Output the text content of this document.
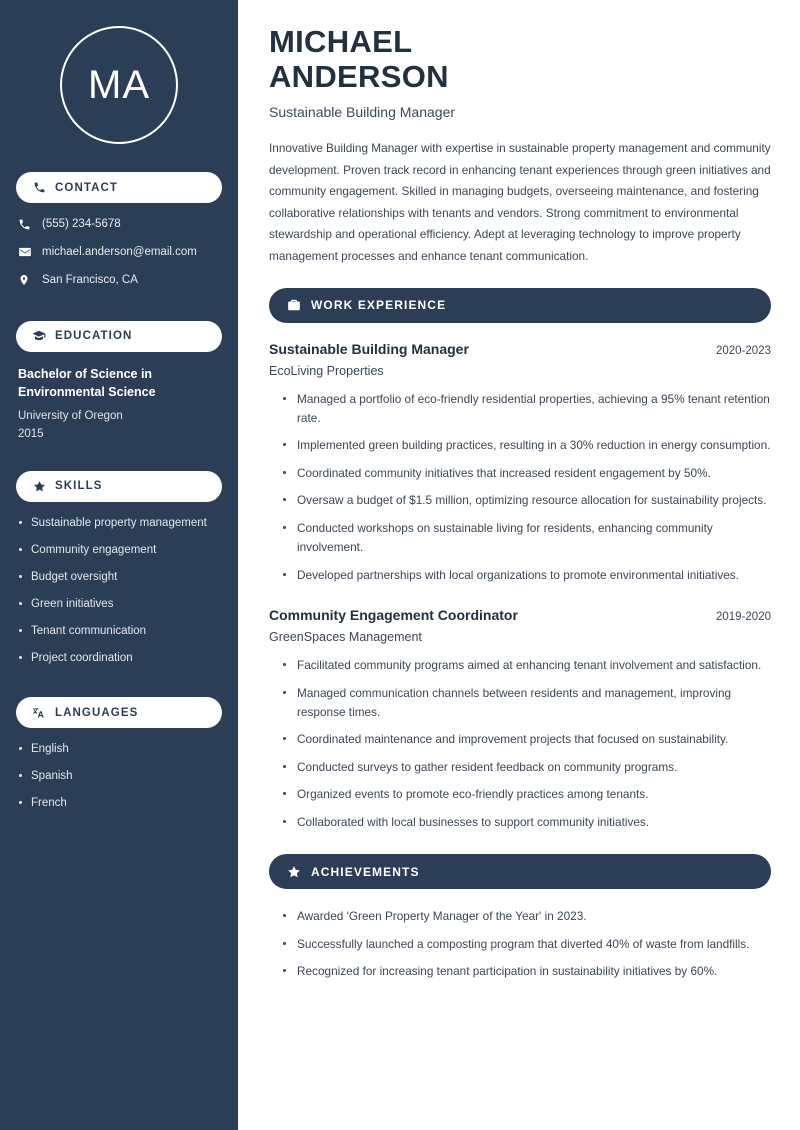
MA
CONTACT
(555) 234-5678
michael.anderson@email.com
San Francisco, CA
EDUCATION
Bachelor of Science in Environmental Science
University of Oregon
2015
SKILLS
Sustainable property management
Community engagement
Budget oversight
Green initiatives
Tenant communication
Project coordination
LANGUAGES
English
Spanish
French
MICHAEL
ANDERSON
Sustainable Building Manager

Innovative Building Manager with expertise in sustainable property management and community development. Proven track record in enhancing tenant experiences through green initiatives and community engagement. Skilled in managing budgets, overseeing maintenance, and fostering collaborative relationships with tenants and vendors. Strong commitment to environmental stewardship and operational efficiency. Adept at leveraging technology to improve property management processes and enhance tenant communication.

WORK EXPERIENCE
Sustainable Building Manager	2020-2023
EcoLiving Properties
Managed a portfolio of eco-friendly residential properties, achieving a 95% tenant retention rate.
Implemented green building practices, resulting in a 30% reduction in energy consumption.
Coordinated community initiatives that increased resident engagement by 50%.
Oversaw a budget of $1.5 million, optimizing resource allocation for sustainability projects.
Conducted workshops on sustainable living for residents, enhancing community involvement.
Developed partnerships with local organizations to promote environmental initiatives.
Community Engagement Coordinator	2019-2020
GreenSpaces Management
Facilitated community programs aimed at enhancing tenant involvement and satisfaction.
Managed communication channels between residents and management, improving response times.
Coordinated maintenance and improvement projects that focused on sustainability.
Conducted surveys to gather resident feedback on community programs.
Organized events to promote eco-friendly practices among tenants.
Collaborated with local businesses to support community initiatives.
ACHIEVEMENTS
Awarded 'Green Property Manager of the Year' in 2023.
Successfully launched a composting program that diverted 40% of waste from landfills.
Recognized for increasing tenant participation in sustainability initiatives by 60%.
